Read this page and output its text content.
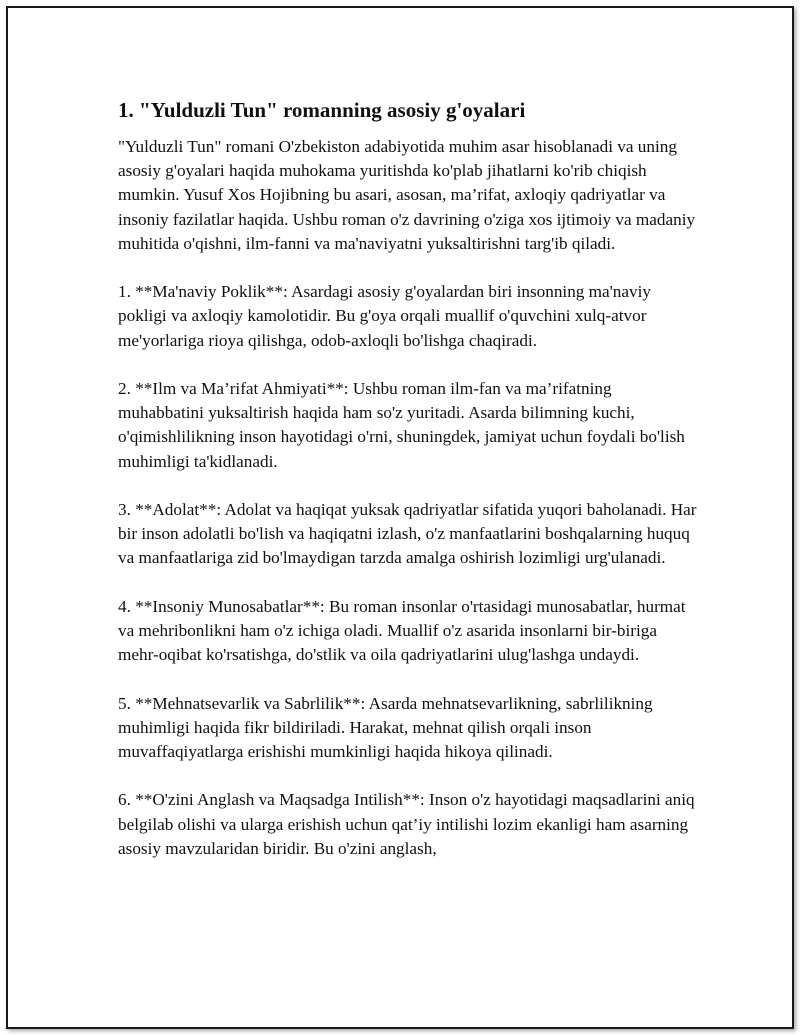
1. "Yulduzli Tun" romanning asosiy g'oyalari

"Yulduzli Tun" romani O'zbekiston adabiyotida muhim asar hisoblanadi va uning asosiy g'oyalari haqida muhokama yuritishda ko'plab jihatlarni ko'rib chiqish mumkin. Yusuf Xos Hojibning bu asari, asosan, ma’rifat, axloqiy qadriyatlar va insoniy fazilatlar haqida. Ushbu roman o'z davrining o'ziga xos ijtimoiy va madaniy muhitida o'qishni, ilm-fanni va ma'naviyatni yuksaltirishni targ'ib qiladi.

1. **Ma'naviy Poklik**: Asardagi asosiy g'oyalardan biri insonning ma'naviy pokligi va axloqiy kamolotidir. Bu g'oya orqali muallif o'quvchini xulq-atvor me'yorlariga rioya qilishga, odob-axloqli bo'lishga chaqiradi.

2. **Ilm va Ma’rifat Ahmiyati**: Ushbu roman ilm-fan va ma’rifatning muhabbatini yuksaltirish haqida ham so'z yuritadi. Asarda bilimning kuchi, o'qimishlilikning inson hayotidagi o'rni, shuningdek, jamiyat uchun foydali bo'lish muhimligi ta'kidlanadi.

3. **Adolat**: Adolat va haqiqat yuksak qadriyatlar sifatida yuqori baholanadi. Har bir inson adolatli bo'lish va haqiqatni izlash, o'z manfaatlarini boshqalarning huquq va manfaatlariga zid bo'lmaydigan tarzda amalga oshirish lozimligi urg'ulanadi.

4. **Insoniy Munosabatlar**: Bu roman insonlar o'rtasidagi munosabatlar, hurmat va mehribonlikni ham o'z ichiga oladi. Muallif o'z asarida insonlarni bir-biriga mehr-oqibat ko'rsatishga, do'stlik va oila qadriyatlarini ulug'lashga undaydi.

5. **Mehnatsevarlik va Sabrlilik**: Asarda mehnatsevarlikning, sabrlilikning muhimligi haqida fikr bildiriladi. Harakat, mehnat qilish orqali inson muvaffaqiyatlarga erishishi mumkinligi haqida hikoya qilinadi.

6. **O'zini Anglash va Maqsadga Intilish**: Inson o'z hayotidagi maqsadlarini aniq belgilab olishi va ularga erishish uchun qat’iy intilishi lozim ekanligi ham asarning asosiy mavzularidan biridir. Bu o'zini anglash,
